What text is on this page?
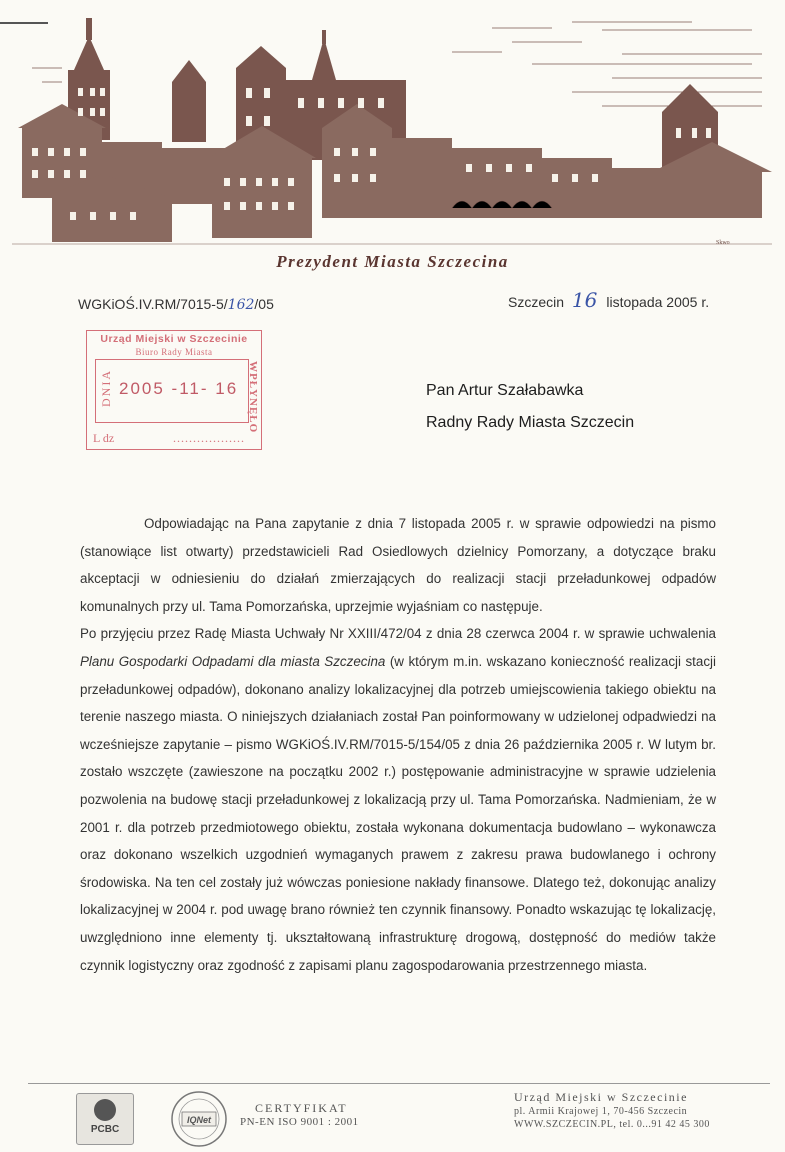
Skwo
Prezydent Miasta Szczecina
WGKiOŚ.IV.RM/7015-5/162/05	Szczecin 16 listopada 2005 r.
Urząd Miejski w Szczecinie
Biuro Rady Miasta
DNIA	WPŁYNĘŁO
2005 -11- 16
L dz	..................
Pan Artur Szałabawka
Radny Rady Miasta Szczecin

Odpowiadając na Pana zapytanie z dnia 7 listopada 2005 r. w sprawie odpowiedzi na pismo (stanowiące list otwarty) przedstawicieli Rad Osiedlowych dzielnicy Pomorzany, a dotyczące braku akceptacji w odniesieniu do działań zmierzających do realizacji stacji przeładunkowej odpadów komunalnych przy ul. Tama Pomorzańska, uprzejmie wyjaśniam co następuje.

Po przyjęciu przez Radę Miasta Uchwały Nr XXIII/472/04 z dnia 28 czerwca 2004 r. w sprawie uchwalenia Planu Gospodarki Odpadami dla miasta Szczecina (w którym m.in. wskazano konieczność realizacji stacji przeładunkowej odpadów), dokonano analizy lokalizacyjnej dla potrzeb umiejscowienia takiego obiektu na terenie naszego miasta. O niniejszych działaniach został Pan poinformowany w udzielonej odpadwiedzi na wcześniejsze zapytanie – pismo WGKiOŚ.IV.RM/7015-5/154/05 z dnia 26 października 2005 r. W lutym br. zostało wszczęte (zawieszone na początku 2002 r.) postępowanie administracyjne w sprawie udzielenia pozwolenia na budowę stacji przeładunkowej z lokalizacją przy ul. Tama Pomorzańska. Nadmieniam, że w 2001 r. dla potrzeb przedmiotowego obiektu, została wykonana dokumentacja budowlano – wykonawcza oraz dokonano wszelkich uzgodnień wymaganych prawem z zakresu prawa budowlanego i ochrony środowiska. Na ten cel zostały już wówczas poniesione nakłady finansowe. Dlatego też, dokonując analizy lokalizacyjnej w 2004 r. pod uwagę brano również ten czynnik finansowy. Ponadto wskazując tę lokalizację, uwzględniono inne elementy tj. ukształtowaną infrastrukturę drogową, dostępność do mediów także czynnik logistyczny oraz zgodność z zapisami planu zagospodarowania przestrzennego miasta.

PCBC
IQNet
CERTYFIKAT
PN-EN ISO 9001 : 2001
Urząd Miejski w Szczecinie
pl. Armii Krajowej 1, 70-456 Szczecin
WWW.SZCZECIN.PL, tel. 0...91 42 45 300
